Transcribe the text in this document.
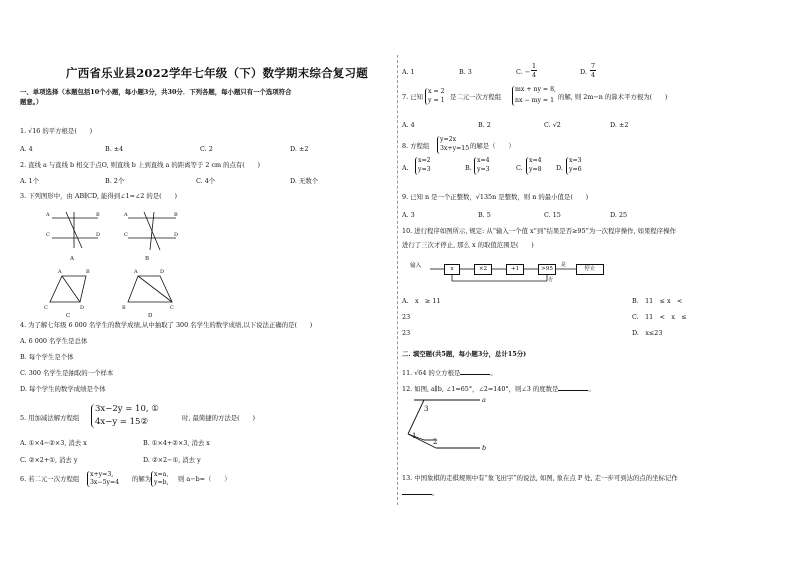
广西省乐业县2022学年七年级（下）数学期末综合复习题
一、单项选择（本题包括10个小题，每小题3分，共30分．下列各题，每小题只有一个选项符合
题意。）
1. √16 的平方根是(　　)
A. 4	B. ±4	C. 2	D. ±2
2. 直线 a 与直线 b 相交于点O, 则直线 b 上到直线 a 的距离等于 2 cm 的点有(　　)
A. 1个	B. 2个	C. 4个	D. 无数个
3. 下列图形中，由 AB∥CD, 能得到∠1=∠2 的是(　　)
A	B
C	D
A
A	B
C	D
B
A	B
C	D
C
A	D
B	C
D
4. 为了解七年级 6 000 名学生的数学成绩,从中抽取了 300 名学生的数学成绩,以下说法正确的是(　　)
A. 6 000 名学生是总体
B. 每个学生是个体
C. 300 名学生是抽取的一个样本
D. 每个学生的数学成绩是个体
5. 用加减法解方程组
3x−2y = 10, ①
4x−y = 15②	时, 最简捷的方法是(　　)
A. ①×4−②×3, 消去 x	B. ①×4+②×3, 消去 x
C. ②×2+①, 消去 y	D. ②×2−①, 消去 y
6. 若二元一次方程组
x+y=3,
3x−5y=4 的解为
x=a,
y=b, 则 a−b=（　　）
A. 1	B. 3	C. − $\frac{1}{4}$	D. $\frac{7}{4}$
7. 已知
x = 2
y = 1 是二元一次方程组
mx + ny = 8,
nx − my = 1 的解, 则 2m−n 的算术平方根为(　　)
A. 4	B. 2	C. √2	D. ±2
8. 方程组
y=2x
3x+y=15 的解是（　　）
A.
x=2
y=3	B.
x=4
y=3	C.
x=4
y=8 D.
x=3
y=6
9. 已知 n 是一个正整数，√135n 是整数，则 n 的最小值是(　　)
A. 3	B. 5	C. 15	D. 25
10. 进行程序如图所示, 规定: 从“输入一个值 x”到“结果是否≥95”为一次程序操作, 如果程序操作
进行了三次才停止, 那么 x 的取值范围是(　　)
输入	x	×2	+1	>95
是
停止
否
A.　x　≥ 11	B.　11　≤ x　<
23	C.　11　<　x　≤
23	D.　x≤23
二. 填空题(共5题，每小题3分，总计15分)
11. √64 的立方根是	。
12. 如图, a∥b, ∠1=65°，∠2=140°，则∠3 的度数是	。
a
b
3
1
2
13. 中国象棋的走棋规则中有“象飞田字”的说法, 如图, 象在点 P 处, 走一步可到达的点的坐标记作
。
